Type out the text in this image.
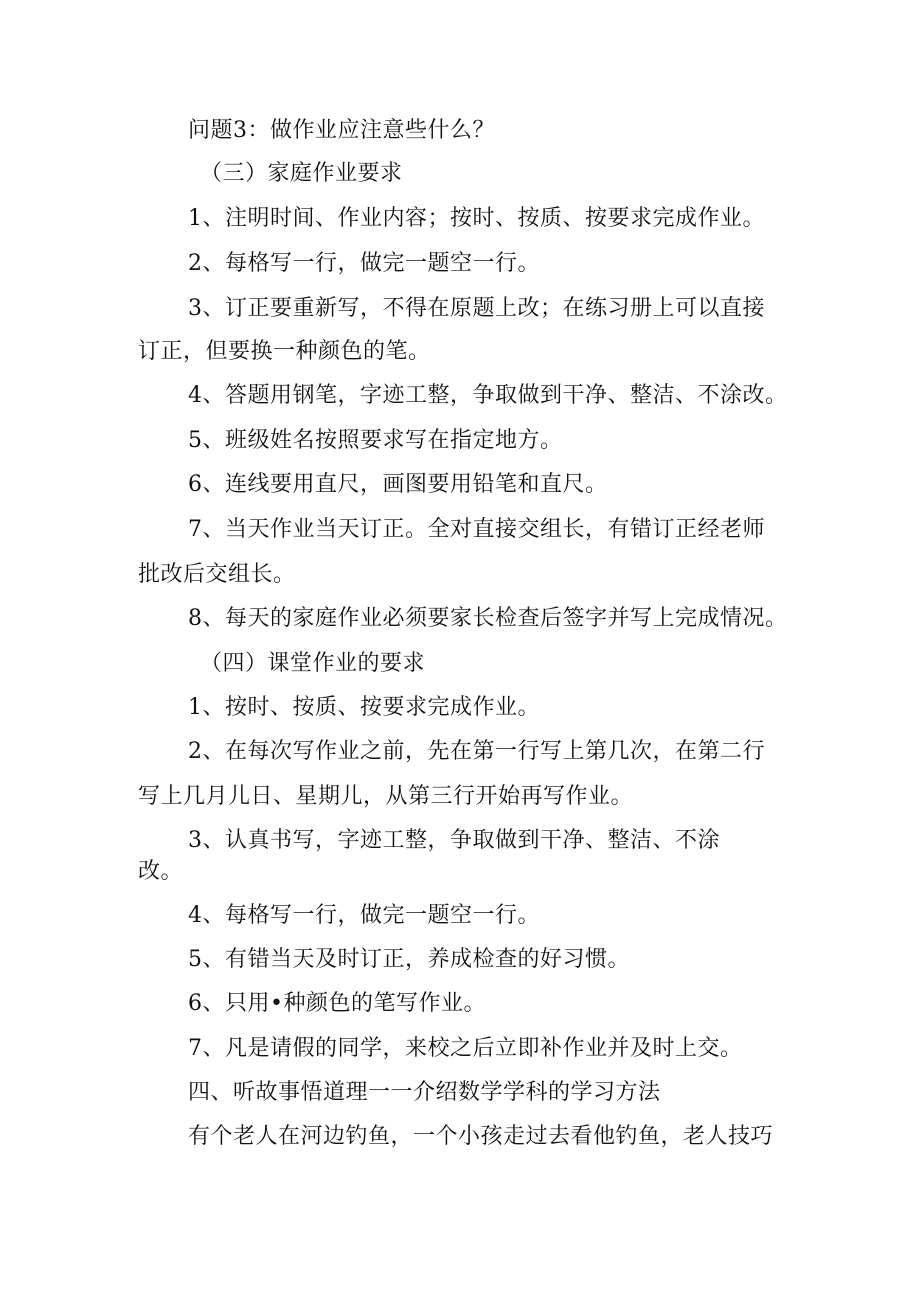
问题3：做作业应注意些什么？
（三）家庭作业要求
1、注明时间、作业内容；按时、按质、按要求完成作业。
2、每格写一行，做完一题空一行。
3、订正要重新写，不得在原题上改；在练习册上可以直接
订正，但要换一种颜色的笔。
4、答题用钢笔，字迹工整，争取做到干净、整洁、不涂改。
5、班级姓名按照要求写在指定地方。
6、连线要用直尺，画图要用铅笔和直尺。
7、当天作业当天订正。全对直接交组长，有错订正经老师
批改后交组长。
8、每天的家庭作业必须要家长检查后签字并写上完成情况。
（四）课堂作业的要求
1、按时、按质、按要求完成作业。
2、在每次写作业之前，先在第一行写上第几次，在第二行
写上几月儿日、星期儿，从第三行开始再写作业。
3、认真书写，字迹工整，争取做到干净、整洁、不涂
改。
4、每格写一行，做完一题空一行。
5、有错当天及时订正，养成检查的好习惯。
6、只用•种颜色的笔写作业。
7、凡是请假的同学，来校之后立即补作业并及时上交。
四、听故事悟道理一一介绍数学学科的学习方法
有个老人在河边钓鱼，一个小孩走过去看他钓鱼，老人技巧
